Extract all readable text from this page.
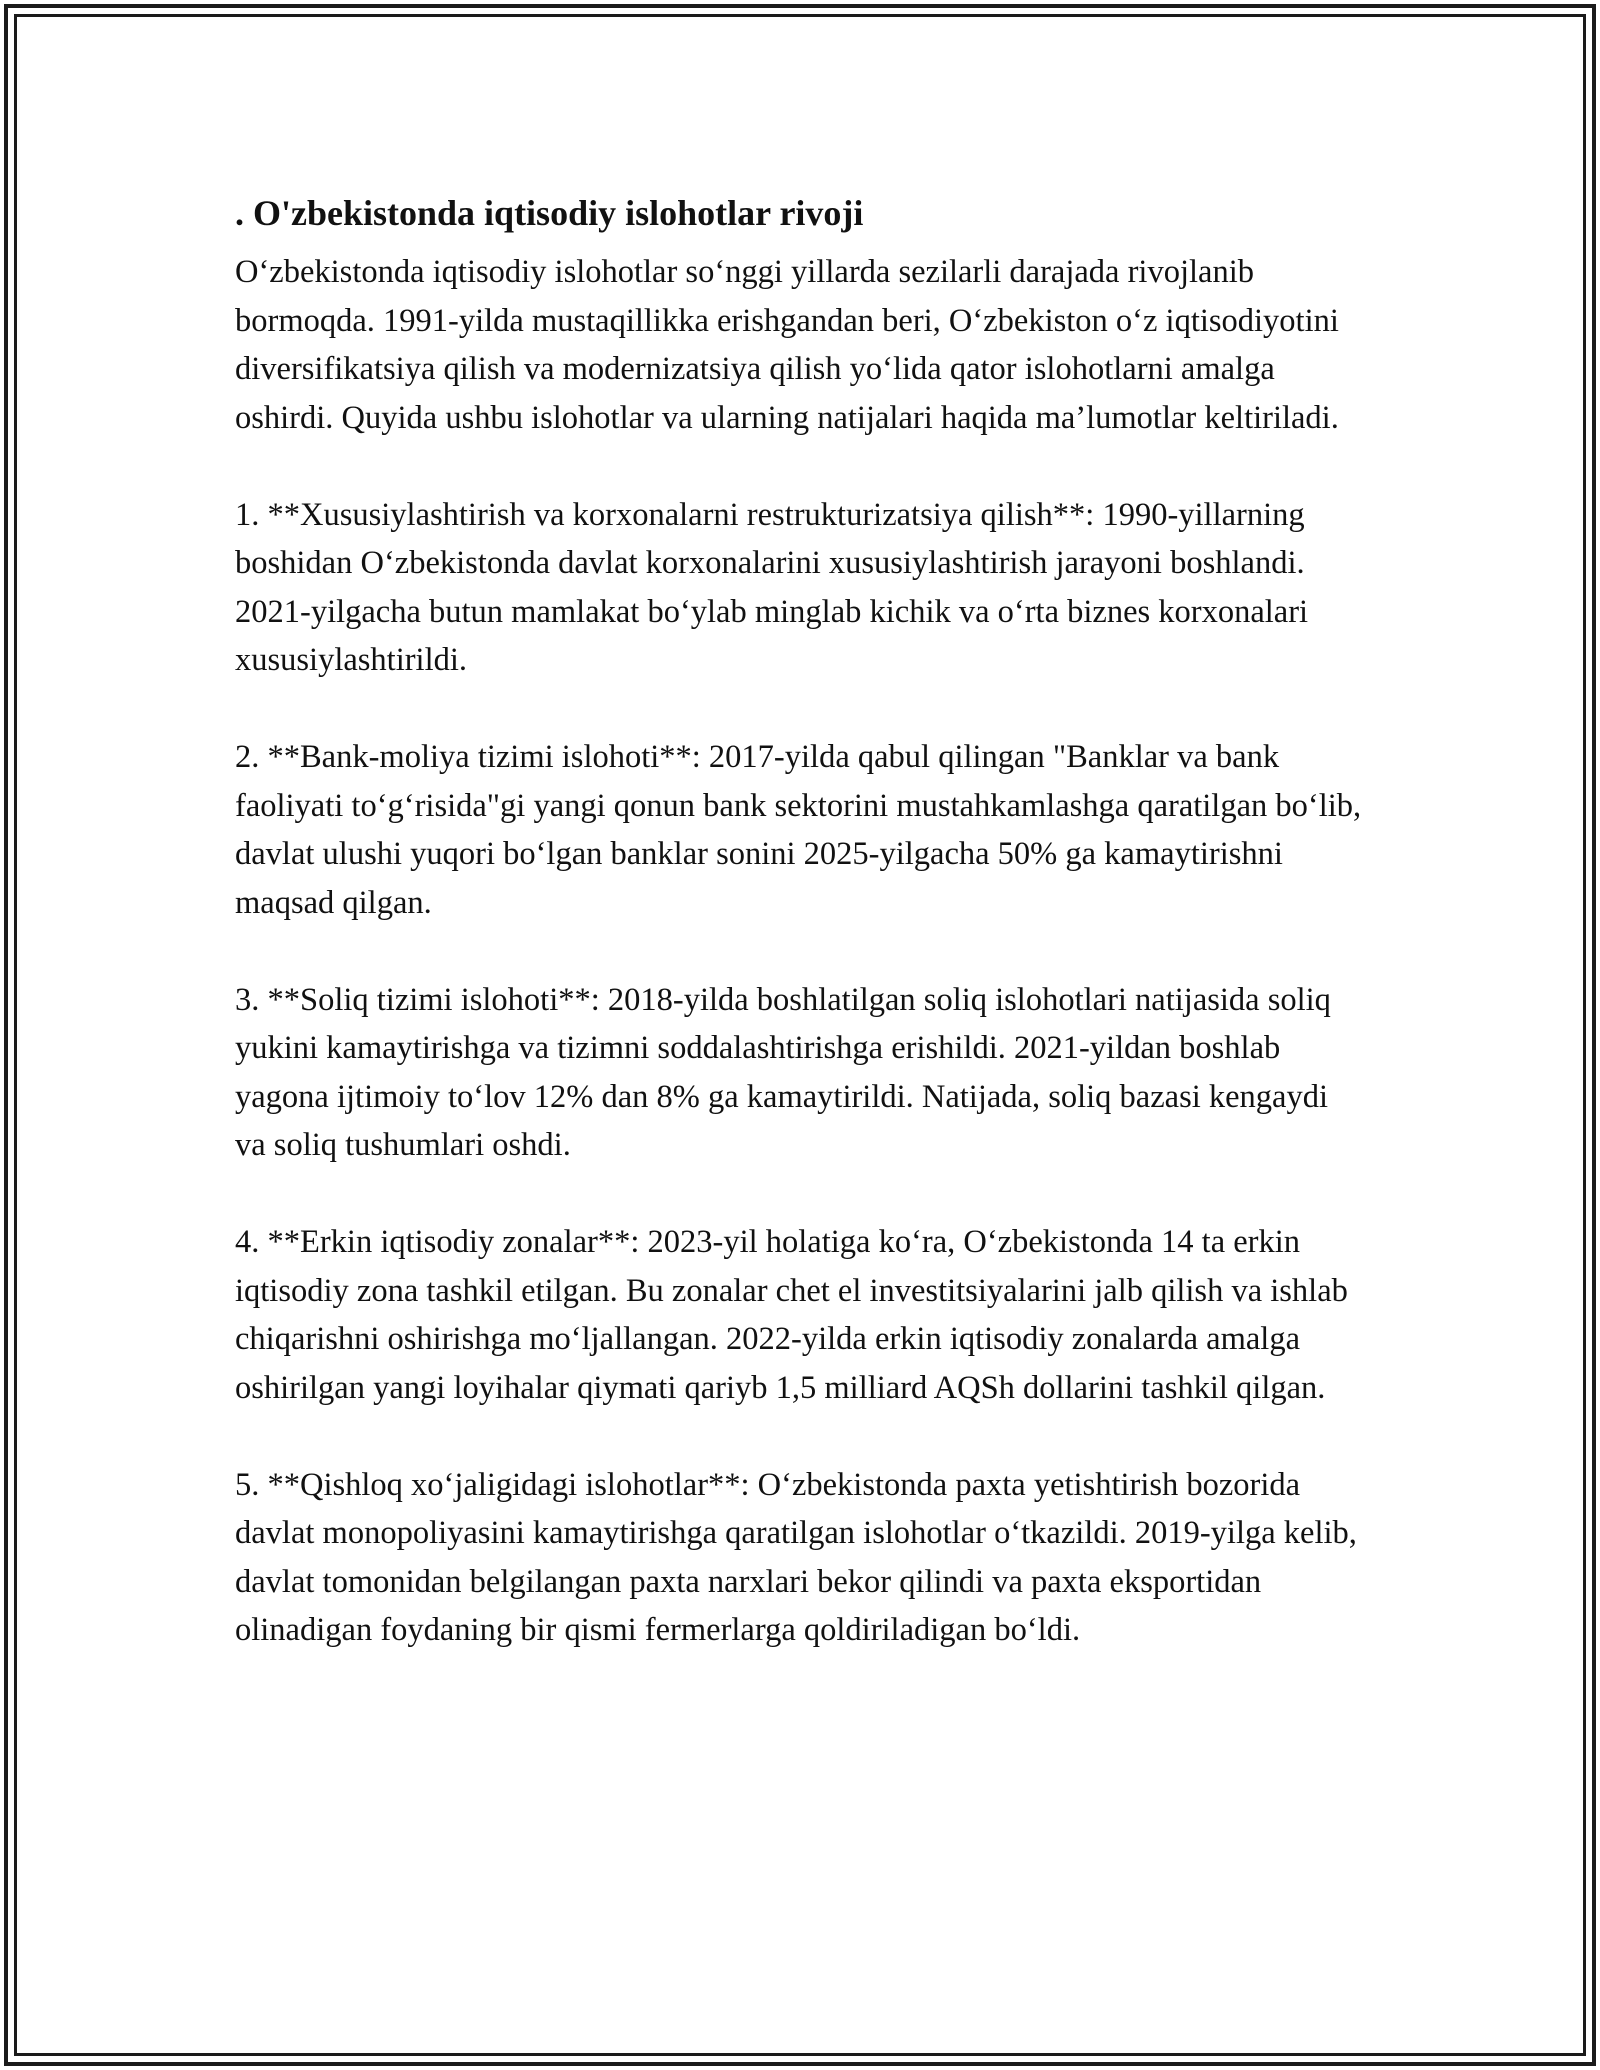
. O'zbekistonda iqtisodiy islohotlar rivoji

O‘zbekistonda iqtisodiy islohotlar so‘nggi yillarda sezilarli darajada rivojlanib bormoqda. 1991-yilda mustaqillikka erishgandan beri, O‘zbekiston o‘z iqtisodiyotini diversifikatsiya qilish va modernizatsiya qilish yo‘lida qator islohotlarni amalga oshirdi. Quyida ushbu islohotlar va ularning natijalari haqida ma’lumotlar keltiriladi.

1. **Xususiylashtirish va korxonalarni restrukturizatsiya qilish**: 1990-yillarning boshidan O‘zbekistonda davlat korxonalarini xususiylashtirish jarayoni boshlandi. 2021-yilgacha butun mamlakat bo‘ylab minglab kichik va o‘rta biznes korxonalari xususiylashtirildi.

2. **Bank-moliya tizimi islohoti**: 2017-yilda qabul qilingan "Banklar va bank faoliyati to‘g‘risida"gi yangi qonun bank sektorini mustahkamlashga qaratilgan bo‘lib, davlat ulushi yuqori bo‘lgan banklar sonini 2025-yilgacha 50% ga kamaytirishni maqsad qilgan.

3. **Soliq tizimi islohoti**: 2018-yilda boshlatilgan soliq islohotlari natijasida soliq yukini kamaytirishga va tizimni soddalashtirishga erishildi. 2021-yildan boshlab yagona ijtimoiy to‘lov 12% dan 8% ga kamaytirildi. Natijada, soliq bazasi kengaydi va soliq tushumlari oshdi.

4. **Erkin iqtisodiy zonalar**: 2023-yil holatiga ko‘ra, O‘zbekistonda 14 ta erkin iqtisodiy zona tashkil etilgan. Bu zonalar chet el investitsiyalarini jalb qilish va ishlab chiqarishni oshirishga mo‘ljallangan. 2022-yilda erkin iqtisodiy zonalarda amalga oshirilgan yangi loyihalar qiymati qariyb 1,5 milliard AQSh dollarini tashkil qilgan.

5. **Qishloq xo‘jaligidagi islohotlar**: O‘zbekistonda paxta yetishtirish bozorida davlat monopoliyasini kamaytirishga qaratilgan islohotlar o‘tkazildi. 2019-yilga kelib, davlat tomonidan belgilangan paxta narxlari bekor qilindi va paxta eksportidan olinadigan foydaning bir qismi fermerlarga qoldiriladigan bo‘ldi.
